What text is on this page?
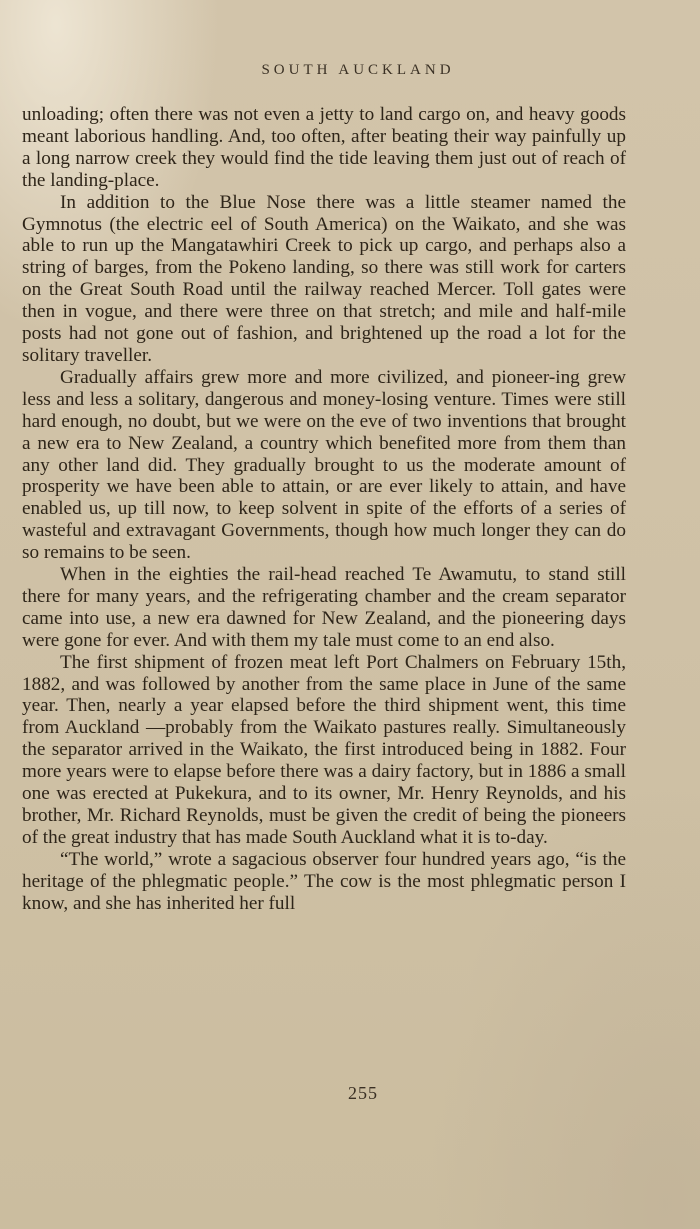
SOUTH AUCKLAND

unloading; often there was not even a jetty to land cargo on, and heavy goods meant laborious handling. And, too often, after beating their way painfully up a long narrow creek they would find the tide leaving them just out of reach of the landing-place.

In addition to the Blue Nose there was a little steamer named the Gymnotus (the electric eel of South America) on the Waikato, and she was able to run up the Mangatawhiri Creek to pick up cargo, and perhaps also a string of barges, from the Pokeno landing, so there was still work for carters on the Great South Road until the railway reached Mercer. Toll gates were then in vogue, and there were three on that stretch; and mile and half-mile posts had not gone out of fashion, and brightened up the road a lot for the solitary traveller.

Gradually affairs grew more and more civilized, and pioneer-ing grew less and less a solitary, dangerous and money-losing venture. Times were still hard enough, no doubt, but we were on the eve of two inventions that brought a new era to New Zealand, a country which benefited more from them than any other land did. They gradually brought to us the moderate amount of prosperity we have been able to attain, or are ever likely to attain, and have enabled us, up till now, to keep solvent in spite of the efforts of a series of wasteful and extravagant Governments, though how much longer they can do so remains to be seen.

When in the eighties the rail-head reached Te Awamutu, to stand still there for many years, and the refrigerating chamber and the cream separator came into use, a new era dawned for New Zealand, and the pioneering days were gone for ever. And with them my tale must come to an end also.

The first shipment of frozen meat left Port Chalmers on February 15th, 1882, and was followed by another from the same place in June of the same year. Then, nearly a year elapsed before the third shipment went, this time from Auckland —probably from the Waikato pastures really. Simultaneously the separator arrived in the Waikato, the first introduced being in 1882. Four more years were to elapse before there was a dairy factory, but in 1886 a small one was erected at Pukekura, and to its owner, Mr. Henry Reynolds, and his brother, Mr. Richard Reynolds, must be given the credit of being the pioneers of the great industry that has made South Auckland what it is to-day.

“The world,” wrote a sagacious observer four hundred years ago, “is the heritage of the phlegmatic people.” The cow is the most phlegmatic person I know, and she has inherited her full

255
